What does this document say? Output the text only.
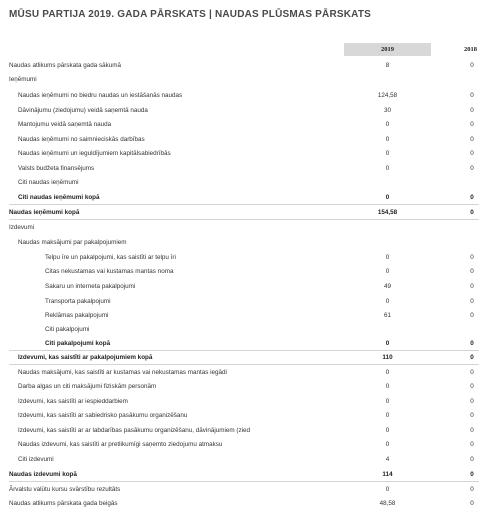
MŪSU PARTIJA 2019. GADA PĀRSKATS | NAUDAS PLŪSMAS PĀRSKATS
2019	2018
Naudas atlikums pārskata gada sākumā	8	0
Ieņēmumi
Naudas ieņēmumi no biedru naudas un iestāšanās naudas	124,58	0
Dāvinājumu (ziedojumu) veidā saņemtā nauda	30	0
Mantojumu veidā saņemtā nauda	0	0
Naudas ieņēmumi no saimnieciskās darbības	0	0
Naudas ieņēmumi un ieguldījumiem kapitālsabiedrībās	0	0
Valsts budžeta finansējums	0	0
Citi naudas ieņēmumi
Citi naudas ieņēmumi kopā	0	0
Naudas ieņēmumi kopā	154,58	0
Izdevumi
Naudas maksājumi par pakalpojumiem
Telpu īre un pakalpojumi, kas saistīti ar telpu īri	0	0
Citas nekustamas vai kustamas mantas noma	0	0
Sakaru un interneta pakalpojumi	49	0
Transporta pakalpojumi	0	0
Reklāmas pakalpojumi	61	0
Citi pakalpojumi
Citi pakalpojumi kopā	0	0
Izdevumi, kas saistīti ar pakalpojumiem kopā	110	0
Naudas maksājumi, kas saistīti ar kustamas vai nekustamas mantas iegādi	0	0
Darba algas un citi maksājumi fiziskām personām	0	0
Izdevumi, kas saistīti ar iespieddarbiem	0	0
Izdevumi, kas saistīti ar sabiedrisko pasākumu organizēšanu	0	0
Izdevumi, kas saistīti ar ar labdarības pasākumu organizēšanu, dāvinājumiem (zied	0	0
Naudas izdevumi, kas saistīti ar pretlikumīgi saņemto ziedojumu atmaksu	0	0
Citi izdevumi	4	0
Naudas izdevumi kopā	114	0
Ārvalstu valūtu kursu svārstību rezultāts	0	0
Naudas atlikums pārskata gada beigās	48,58	0
